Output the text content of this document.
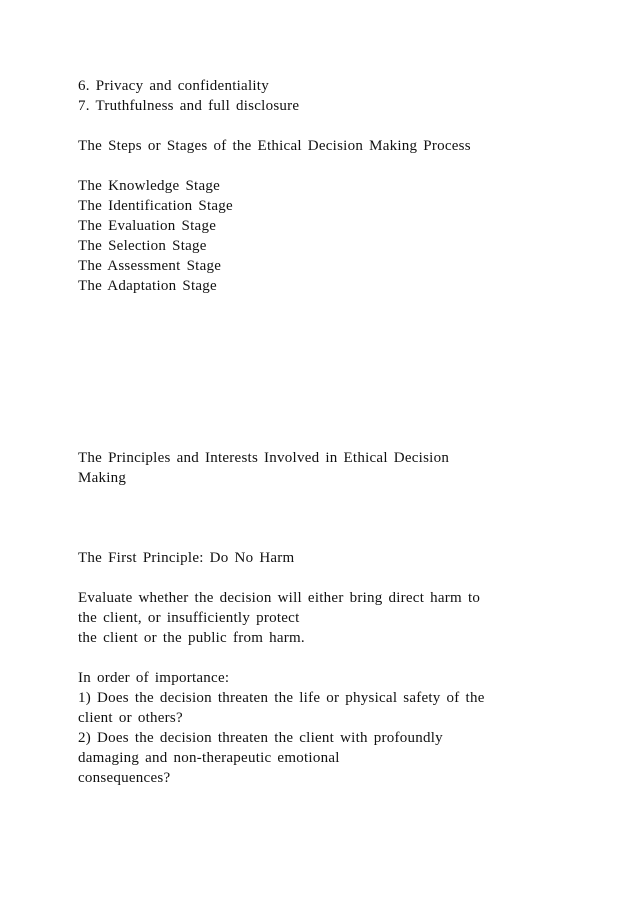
6. Privacy and confidentiality
7. Truthfulness and full disclosure
The Steps or Stages of the Ethical Decision Making Process
The Knowledge Stage
The Identification Stage
The Evaluation Stage
The Selection Stage
The Assessment Stage
The Adaptation Stage
The Principles and Interests Involved in Ethical Decision
Making
The First Principle: Do No Harm
Evaluate whether the decision will either bring direct harm to
the client, or insufficiently protect
the client or the public from harm.
In order of importance:
1) Does the decision threaten the life or physical safety of the
client or others?
2) Does the decision threaten the client with profoundly
damaging and non-therapeutic emotional
consequences?
